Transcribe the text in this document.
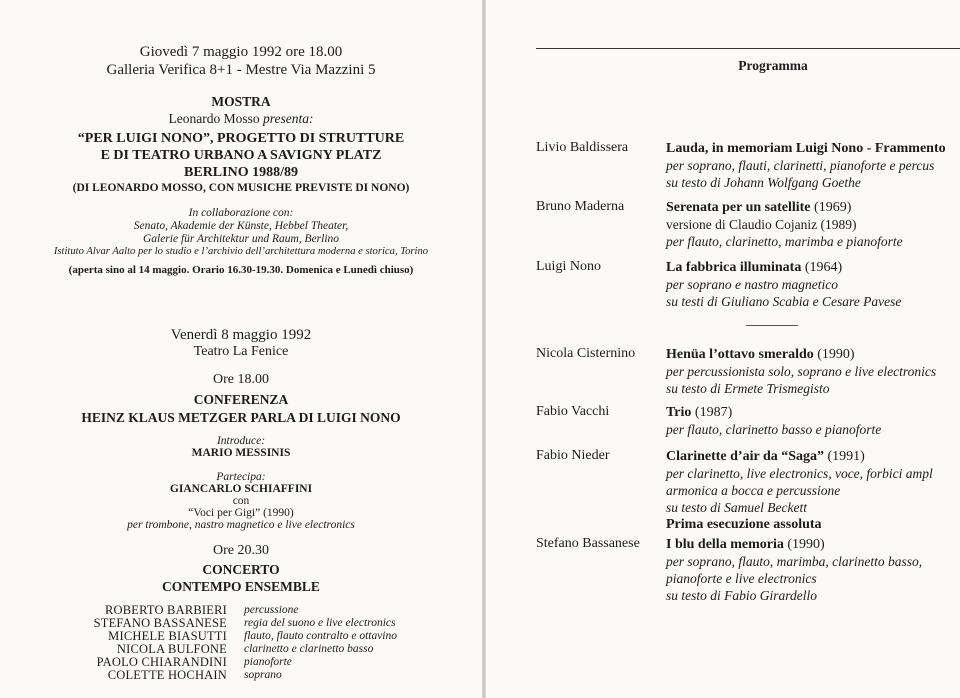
Giovedì 7 maggio 1992 ore 18.00
Galleria Verifica 8+1 - Mestre Via Mazzini 5
MOSTRA
Leonardo Mosso presenta:
“PER LUIGI NONO”, PROGETTO DI STRUTTURE
E DI TEATRO URBANO A SAVIGNY PLATZ
BERLINO 1988/89
(DI LEONARDO MOSSO, CON MUSICHE PREVISTE DI NONO)
In collaborazione con:
Senato, Akademie der Künste, Hebbel Theater,
Galerie für Architektur und Raum, Berlino
Istituto Alvar Aalto per lo studio e l’archivio dell’architettura moderna e storica, Torino
(aperta sino al 14 maggio. Orario 16.30-19.30. Domenica e Lunedì chiuso)
Venerdì 8 maggio 1992
Teatro La Fenice
Ore 18.00
CONFERENZA
HEINZ KLAUS METZGER PARLA DI LUIGI NONO
Introduce:
MARIO MESSINIS
Partecipa:
GIANCARLO SCHIAFFINI
con
“Voci per Gigi” (1990)
per trombone, nastro magnetico e live electronics
Ore 20.30
CONCERTO
CONTEMPO ENSEMBLE
ROBERTO BARBIERI percussione
STEFANO BASSANESE regia del suono e live electronics
MICHELE BIASUTTI flauto, flauto contralto e ottavino
NICOLA BULFONE clarinetto e clarinetto basso
PAOLO CHIARANDINI pianoforte
COLETTE HOCHAIN soprano
Programma
Livio Baldissera	Lauda, in memoriam Luigi Nono - Frammento
per soprano, flauti, clarinetti, pianoforte e percus
su testo di Johann Wolfgang Goethe
Bruno Maderna	Serenata per un satellite (1969)
versione di Claudio Cojaniz (1989)
per flauto, clarinetto, marimba e pianoforte
Luigi Nono	La fabbrica illuminata (1964)
per soprano e nastro magnetico
su testi di Giuliano Scabia e Cesare Pavese
Nicola Cisternino Henüa l’ottavo smeraldo (1990)
per percussionista solo, soprano e live electronics
su testo di Ermete Trismegisto
Fabio Vacchi	Trio (1987)
per flauto, clarinetto basso e pianoforte
Fabio Nieder	Clarinette d’air da “Saga” (1991)
per clarinetto, live electronics, voce, forbici ampl
armonica a bocca e percussione
su testo di Samuel Beckett
Prima esecuzione assoluta
Stefano Bassanese I blu della memoria (1990)
per soprano, flauto, marimba, clarinetto basso,
pianoforte e live electronics
su testo di Fabio Girardello
